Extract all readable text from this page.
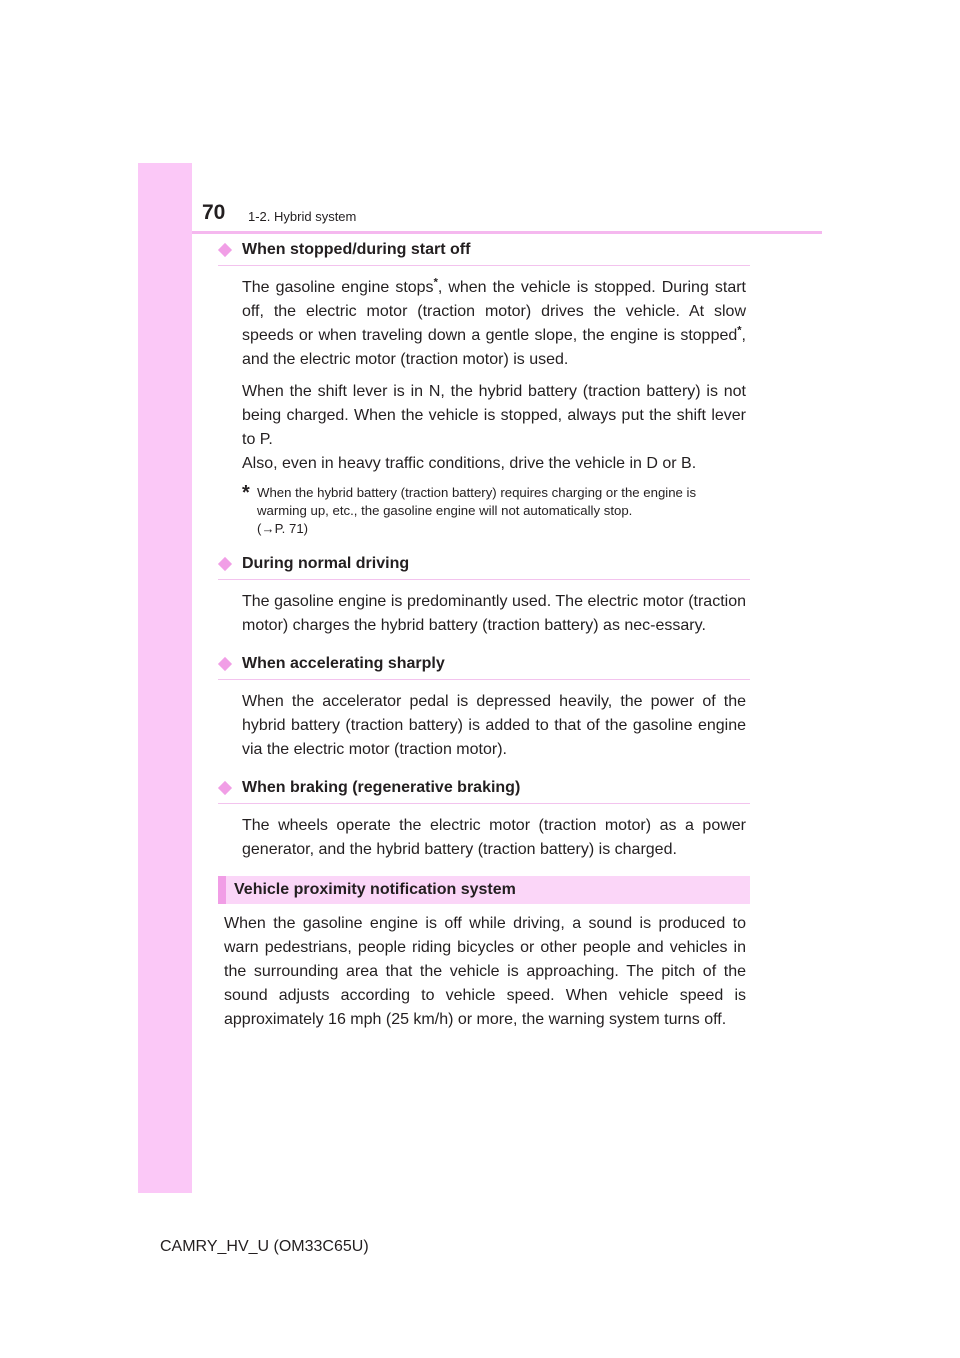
70 1-2. Hybrid system
When stopped/during start off

The gasoline engine stops*, when the vehicle is stopped. During start off, the electric motor (traction motor) drives the vehicle. At slow speeds or when traveling down a gentle slope, the engine is stopped*, and the electric motor (traction motor) is used.

When the shift lever is in N, the hybrid battery (traction battery) is not being charged. When the vehicle is stopped, always put the shift lever to P.

Also, even in heavy traffic conditions, drive the vehicle in D or B.

* When the hybrid battery (traction battery) requires charging or the engine is warming up, etc., the gasoline engine will not automatically stop.
(→P. 71)
During normal driving

The gasoline engine is predominantly used. The electric motor (traction motor) charges the hybrid battery (traction battery) as nec-essary.

When accelerating sharply

When the accelerator pedal is depressed heavily, the power of the hybrid battery (traction battery) is added to that of the gasoline engine via the electric motor (traction motor).

When braking (regenerative braking)

The wheels operate the electric motor (traction motor) as a power generator, and the hybrid battery (traction battery) is charged.

Vehicle proximity notification system

When the gasoline engine is off while driving, a sound is produced to warn pedestrians, people riding bicycles or other people and vehicles in the surrounding area that the vehicle is approaching. The pitch of the sound adjusts according to vehicle speed. When vehicle speed is approximately 16 mph (25 km/h) or more, the warning system turns off.

CAMRY_HV_U (OM33C65U)
